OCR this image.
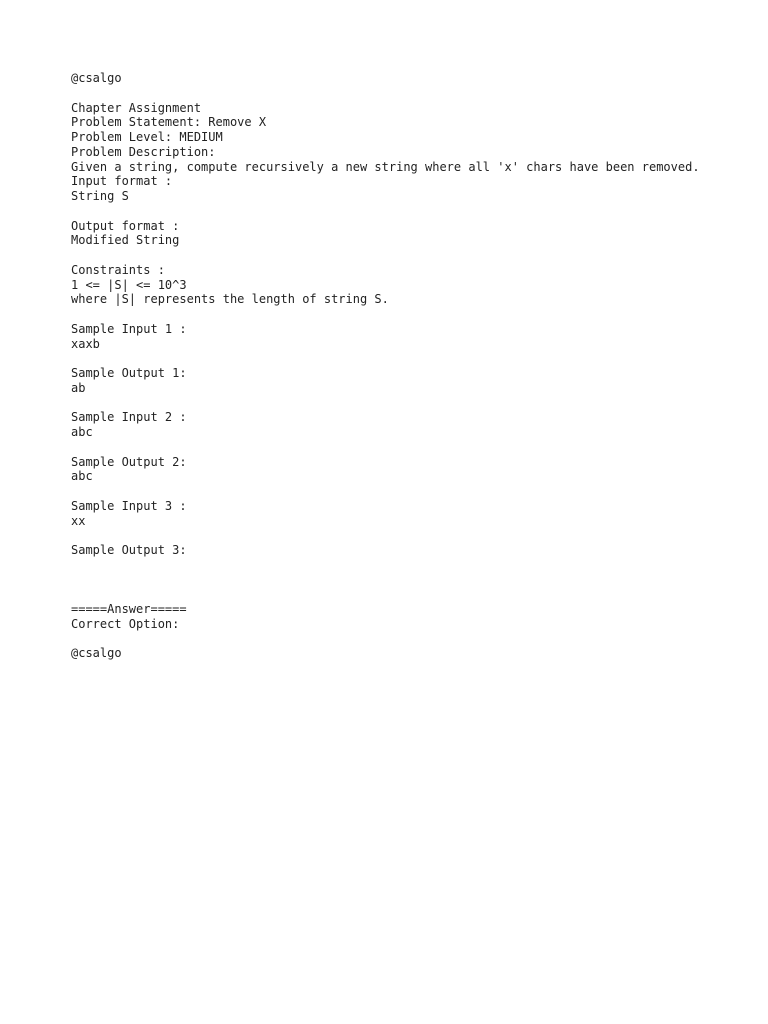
@csalgo
Chapter Assignment
Problem Statement: Remove X
Problem Level: MEDIUM
Problem Description:
Given a string, compute recursively a new string where all 'x' chars have been removed.
Input format :
String S
Output format :
Modified String
Constraints :
1 <= |S| <= 10^3
where |S| represents the length of string S.
Sample Input 1 :
xaxb
Sample Output 1:
ab
Sample Input 2 :
abc
Sample Output 2:
abc
Sample Input 3 :
xx
Sample Output 3:
=====Answer=====
Correct Option:
@csalgo
